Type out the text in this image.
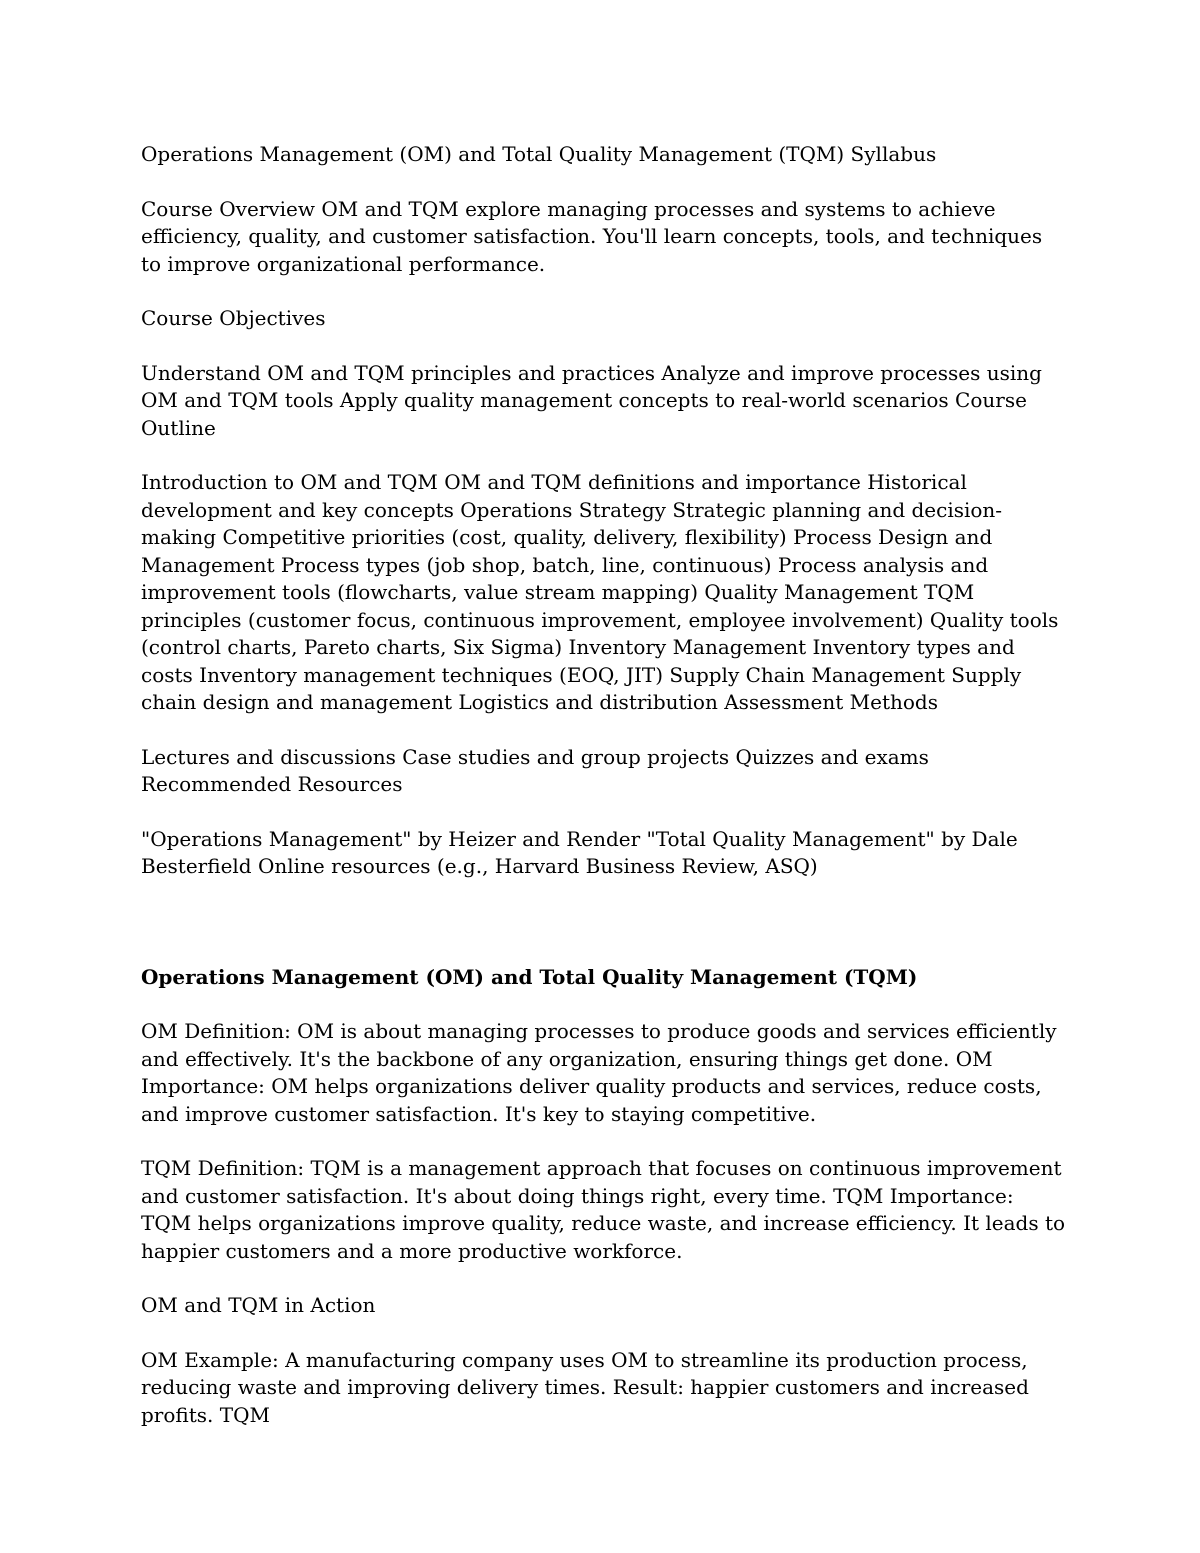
Operations Management (OM) and Total Quality Management (TQM) Syllabus

Course Overview OM and TQM explore managing processes and systems to achieve efficiency, quality, and customer satisfaction. You'll learn concepts, tools, and techniques to improve organizational performance.

Course Objectives

Understand OM and TQM principles and practices Analyze and improve processes using OM and TQM tools Apply quality management concepts to real-world scenarios Course Outline

Introduction to OM and TQM OM and TQM definitions and importance Historical development and key concepts Operations Strategy Strategic planning and decision-making Competitive priorities (cost, quality, delivery, flexibility) Process Design and Management Process types (job shop, batch, line, continuous) Process analysis and improvement tools (flowcharts, value stream mapping) Quality Management TQM principles (customer focus, continuous improvement, employee involvement) Quality tools (control charts, Pareto charts, Six Sigma) Inventory Management Inventory types and costs Inventory management techniques (EOQ, JIT) Supply Chain Management Supply chain design and management Logistics and distribution Assessment Methods

Lectures and discussions Case studies and group projects Quizzes and exams Recommended Resources

"Operations Management" by Heizer and Render "Total Quality Management" by Dale Besterfield Online resources (e.g., Harvard Business Review, ASQ)

Operations Management (OM) and Total Quality Management (TQM)

OM Definition: OM is about managing processes to produce goods and services efficiently and effectively. It's the backbone of any organization, ensuring things get done. OM Importance: OM helps organizations deliver quality products and services, reduce costs, and improve customer satisfaction. It's key to staying competitive.

TQM Definition: TQM is a management approach that focuses on continuous improvement and customer satisfaction. It's about doing things right, every time. TQM Importance: TQM helps organizations improve quality, reduce waste, and increase efficiency. It leads to happier customers and a more productive workforce.

OM and TQM in Action

OM Example: A manufacturing company uses OM to streamline its production process, reducing waste and improving delivery times. Result: happier customers and increased profits. TQM
